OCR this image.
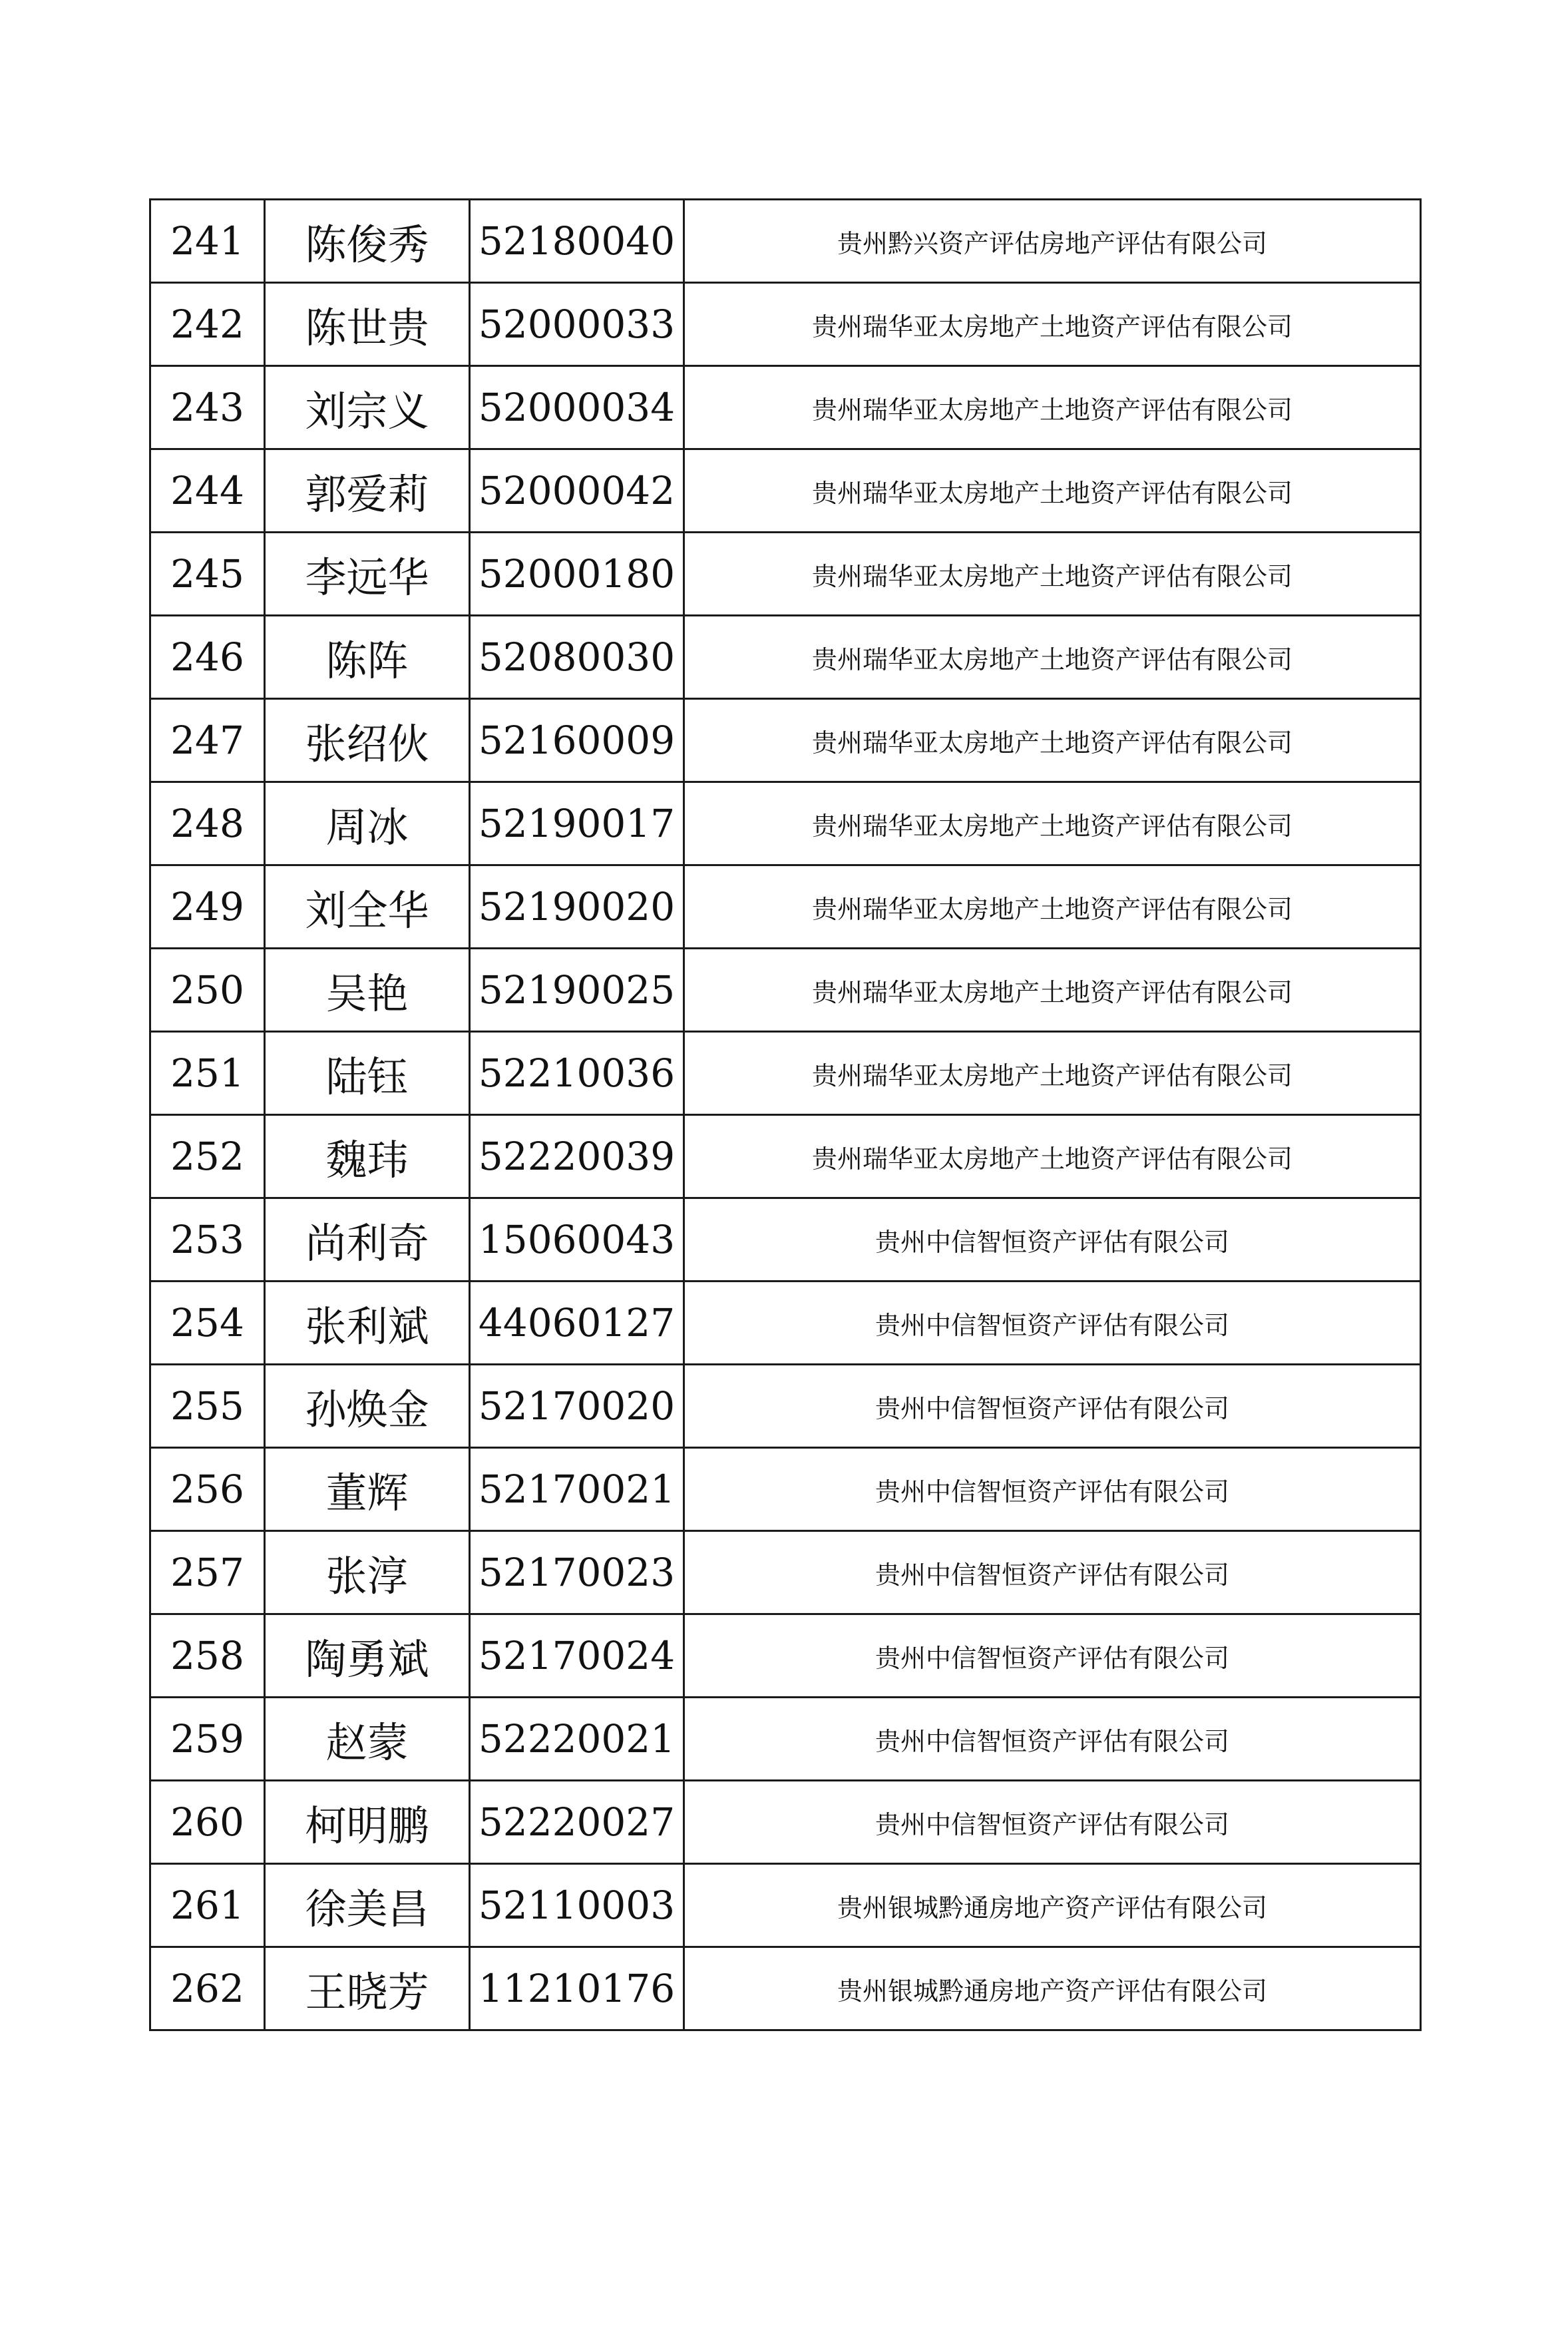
241	陈俊秀	52180040	贵州黔兴资产评估房地产评估有限公司
242	陈世贵	52000033	贵州瑞华亚太房地产土地资产评估有限公司
243	刘宗义	52000034	贵州瑞华亚太房地产土地资产评估有限公司
244	郭爱莉	52000042	贵州瑞华亚太房地产土地资产评估有限公司
245	李远华	52000180	贵州瑞华亚太房地产土地资产评估有限公司
246	陈阵	52080030	贵州瑞华亚太房地产土地资产评估有限公司
247	张绍伙	52160009	贵州瑞华亚太房地产土地资产评估有限公司
248	周冰	52190017	贵州瑞华亚太房地产土地资产评估有限公司
249	刘全华	52190020	贵州瑞华亚太房地产土地资产评估有限公司
250	吴艳	52190025	贵州瑞华亚太房地产土地资产评估有限公司
251	陆钰	52210036	贵州瑞华亚太房地产土地资产评估有限公司
252	魏玮	52220039	贵州瑞华亚太房地产土地资产评估有限公司
253	尚利奇	15060043	贵州中信智恒资产评估有限公司
254	张利斌	44060127	贵州中信智恒资产评估有限公司
255	孙焕金	52170020	贵州中信智恒资产评估有限公司
256	董辉	52170021	贵州中信智恒资产评估有限公司
257	张淳	52170023	贵州中信智恒资产评估有限公司
258	陶勇斌	52170024	贵州中信智恒资产评估有限公司
259	赵蒙	52220021	贵州中信智恒资产评估有限公司
260	柯明鹏	52220027	贵州中信智恒资产评估有限公司
261	徐美昌	52110003	贵州银城黔通房地产资产评估有限公司
262	王晓芳	11210176	贵州银城黔通房地产资产评估有限公司
